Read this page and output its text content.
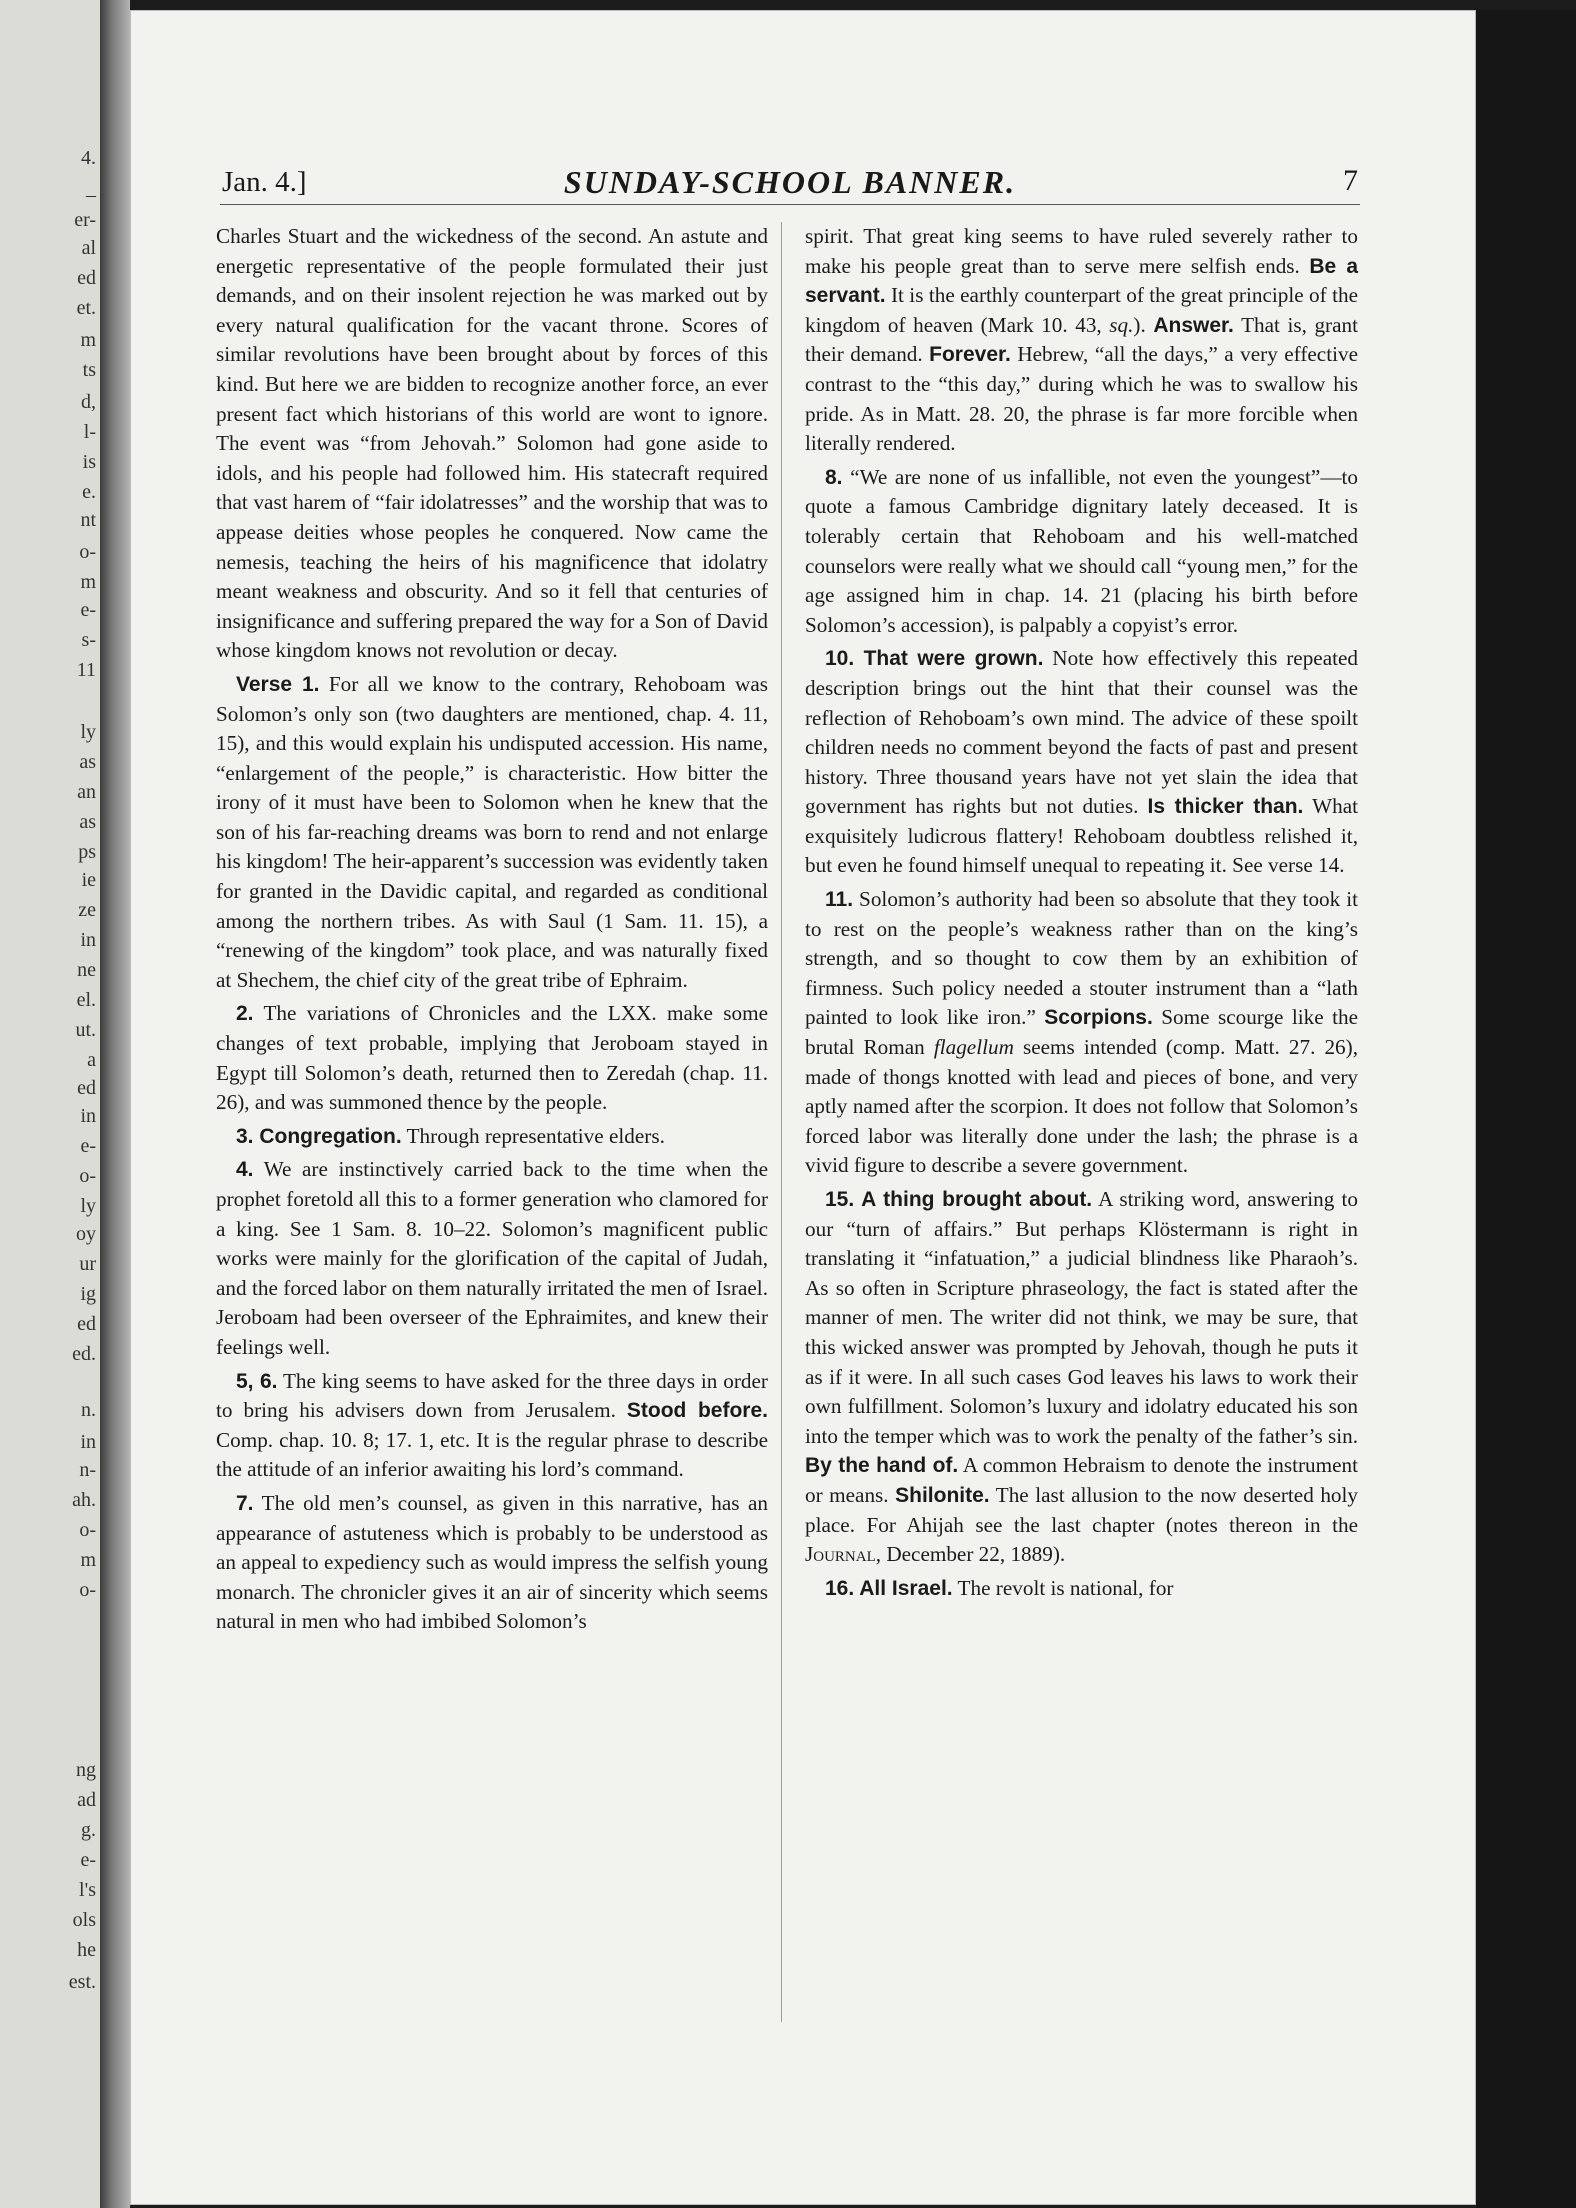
4.
–
er-
al
ed
et.
m
ts
d,
l-
is
e.
nt
o-
m
e-
s-
11
ly
as
an
as
ps
ie
ze
in
ne
el.
ut.
a
ed
in
e-
o-
ly
oy
ur
ig
ed
ed.
n.
in
n-
ah.
o-
m
o-
ng
ad
g.
e-
l's
ols
he
est.
Jan. 4.]	SUNDAY-SCHOOL BANNER.	7

Charles Stuart and the wickedness of the second. An astute and energetic representative of the people formulated their just demands, and on their insolent rejection he was marked out by every natural qualification for the vacant throne. Scores of similar revolutions have been brought about by forces of this kind. But here we are bidden to recognize another force, an ever present fact which historians of this world are wont to ignore. The event was “from Jehovah.” Solomon had gone aside to idols, and his people had followed him. His statecraft required that vast harem of “fair idolatresses” and the worship that was to appease deities whose peoples he conquered. Now came the nemesis, teaching the heirs of his magnificence that idolatry meant weakness and obscurity. And so it fell that centuries of insignificance and suffering prepared the way for a Son of David whose kingdom knows not revolution or decay.

Verse 1. For all we know to the contrary, Rehoboam was Solomon’s only son (two daughters are mentioned, chap. 4. 11, 15), and this would explain his undisputed accession. His name, “enlargement of the people,” is characteristic. How bitter the irony of it must have been to Solomon when he knew that the son of his far-reaching dreams was born to rend and not enlarge his kingdom! The heir-apparent’s succession was evidently taken for granted in the Davidic capital, and regarded as conditional among the northern tribes. As with Saul (1 Sam. 11. 15), a “renewing of the kingdom” took place, and was naturally fixed at Shechem, the chief city of the great tribe of Ephraim.

2. The variations of Chronicles and the LXX. make some changes of text probable, implying that Jeroboam stayed in Egypt till Solomon’s death, returned then to Zeredah (chap. 11. 26), and was summoned thence by the people.

3. Congregation. Through representative elders.

4. We are instinctively carried back to the time when the prophet foretold all this to a former generation who clamored for a king. See 1 Sam. 8. 10–22. Solomon’s magnificent public works were mainly for the glorification of the capital of Judah, and the forced labor on them naturally irritated the men of Israel. Jeroboam had been overseer of the Ephraimites, and knew their feelings well.

5, 6. The king seems to have asked for the three days in order to bring his advisers down from Jerusalem. Stood before. Comp. chap. 10. 8; 17. 1, etc. It is the regular phrase to describe the attitude of an inferior awaiting his lord’s command.

7. The old men’s counsel, as given in this narrative, has an appearance of astuteness which is probably to be understood as an appeal to expediency such as would impress the selfish young monarch. The chronicler gives it an air of sincerity which seems natural in men who had imbibed Solomon’s

spirit. That great king seems to have ruled severely rather to make his people great than to serve mere selfish ends. Be a servant. It is the earthly counterpart of the great principle of the kingdom of heaven (Mark 10. 43, sq.). Answer. That is, grant their demand. Forever. Hebrew, “all the days,” a very effective contrast to the “this day,” during which he was to swallow his pride. As in Matt. 28. 20, the phrase is far more forcible when literally rendered.

8. “We are none of us infallible, not even the youngest”—to quote a famous Cambridge dignitary lately deceased. It is tolerably certain that Rehoboam and his well-matched counselors were really what we should call “young men,” for the age assigned him in chap. 14. 21 (placing his birth before Solomon’s accession), is palpably a copyist’s error.

10. That were grown. Note how effectively this repeated description brings out the hint that their counsel was the reflection of Rehoboam’s own mind. The advice of these spoilt children needs no comment beyond the facts of past and present history. Three thousand years have not yet slain the idea that government has rights but not duties. Is thicker than. What exquisitely ludicrous flattery! Rehoboam doubtless relished it, but even he found himself unequal to repeating it. See verse 14.

11. Solomon’s authority had been so absolute that they took it to rest on the people’s weakness rather than on the king’s strength, and so thought to cow them by an exhibition of firmness. Such policy needed a stouter instrument than a “lath painted to look like iron.” Scorpions. Some scourge like the brutal Roman flagellum seems intended (comp. Matt. 27. 26), made of thongs knotted with lead and pieces of bone, and very aptly named after the scorpion. It does not follow that Solomon’s forced labor was literally done under the lash; the phrase is a vivid figure to describe a severe government.

15. A thing brought about. A striking word, answering to our “turn of affairs.” But perhaps Klöstermann is right in translating it “infatuation,” a judicial blindness like Pharaoh’s. As so often in Scripture phraseology, the fact is stated after the manner of men. The writer did not think, we may be sure, that this wicked answer was prompted by Jehovah, though he puts it as if it were. In all such cases God leaves his laws to work their own fulfillment. Solomon’s luxury and idolatry educated his son into the temper which was to work the penalty of the father’s sin. By the hand of. A common Hebraism to denote the instrument or means. Shilonite. The last allusion to the now deserted holy place. For Ahijah see the last chapter (notes thereon in the Journal, December 22, 1889).

16. All Israel. The revolt is national, for
